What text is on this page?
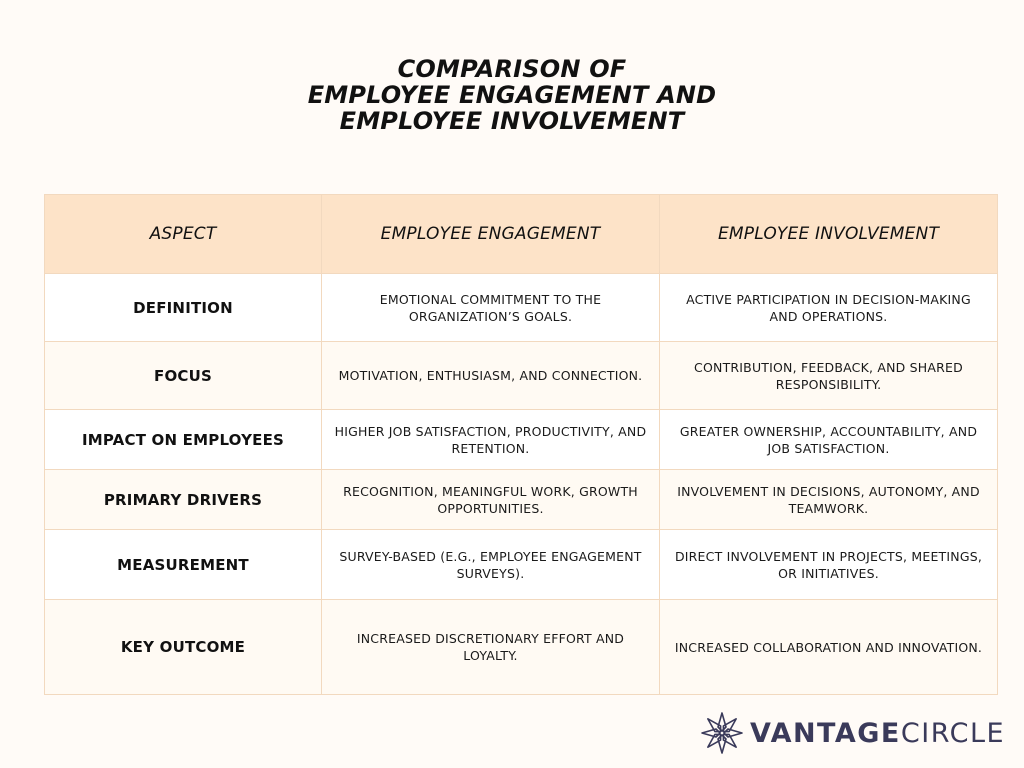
COMPARISON OF
EMPLOYEE ENGAGEMENT AND
EMPLOYEE INVOLVEMENT
ASPECT	EMPLOYEE ENGAGEMENT	EMPLOYEE INVOLVEMENT
DEFINITION	EMOTIONAL COMMITMENT TO THE ORGANIZATION’S GOALS.	ACTIVE PARTICIPATION IN DECISION-MAKING AND OPERATIONS.
FOCUS	MOTIVATION, ENTHUSIASM, AND CONNECTION.	CONTRIBUTION, FEEDBACK, AND SHARED RESPONSIBILITY.
IMPACT ON EMPLOYEES	HIGHER JOB SATISFACTION, PRODUCTIVITY, AND RETENTION.	GREATER OWNERSHIP, ACCOUNTABILITY, AND JOB SATISFACTION.
PRIMARY DRIVERS	RECOGNITION, MEANINGFUL WORK, GROWTH OPPORTUNITIES.	INVOLVEMENT IN DECISIONS, AUTONOMY, AND TEAMWORK.
MEASUREMENT	SURVEY-BASED (E.G., EMPLOYEE ENGAGEMENT SURVEYS).	DIRECT INVOLVEMENT IN PROJECTS, MEETINGS, OR INITIATIVES.
KEY OUTCOME	INCREASED DISCRETIONARY EFFORT AND LOYALTY.	INCREASED COLLABORATION AND INNOVATION.
VANTAGECIRCLE
